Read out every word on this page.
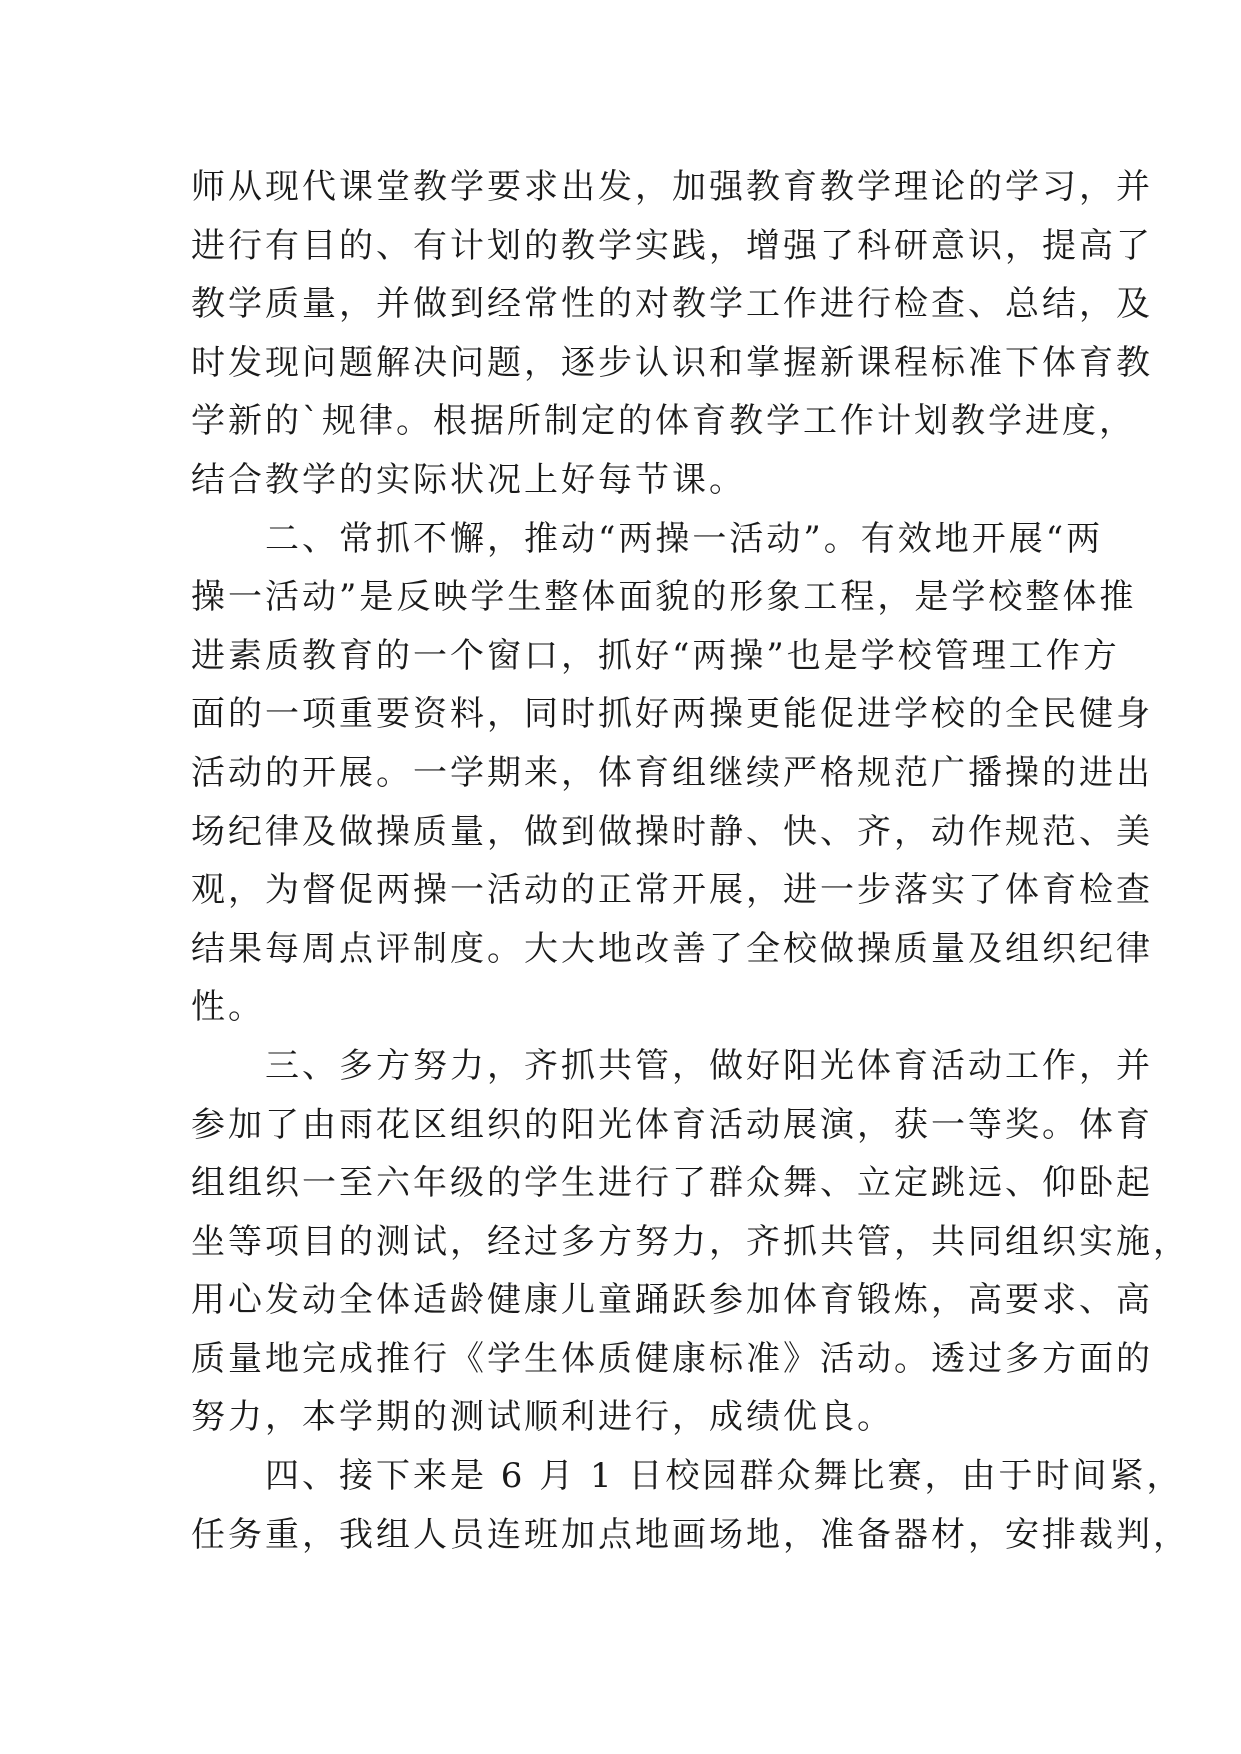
师从现代课堂教学要求出发，加强教育教学理论的学习，并
进行有目的、有计划的教学实践，增强了科研意识，提高了
教学质量，并做到经常性的对教学工作进行检查、总结，及
时发现问题解决问题，逐步认识和掌握新课程标准下体育教
学新的`规律。根据所制定的体育教学工作计划教学进度，
结合教学的实际状况上好每节课。
　　二、常抓不懈，推动“两操一活动”。有效地开展“两
操一活动”是反映学生整体面貌的形象工程，是学校整体推
进素质教育的一个窗口，抓好“两操”也是学校管理工作方
面的一项重要资料，同时抓好两操更能促进学校的全民健身
活动的开展。一学期来，体育组继续严格规范广播操的进出
场纪律及做操质量，做到做操时静、快、齐，动作规范、美
观，为督促两操一活动的正常开展，进一步落实了体育检查
结果每周点评制度。大大地改善了全校做操质量及组织纪律
性。
　　三、多方努力，齐抓共管，做好阳光体育活动工作，并
参加了由雨花区组织的阳光体育活动展演，获一等奖。体育
组组织一至六年级的学生进行了群众舞、立定跳远、仰卧起
坐等项目的测试，经过多方努力，齐抓共管，共同组织实施，
用心发动全体适龄健康儿童踊跃参加体育锻炼，高要求、高
质量地完成推行《学生体质健康标准》活动。透过多方面的
努力，本学期的测试顺利进行，成绩优良。
　　四、接下来是 6 月 1 日校园群众舞比赛，由于时间紧，
任务重，我组人员连班加点地画场地，准备器材，安排裁判，
